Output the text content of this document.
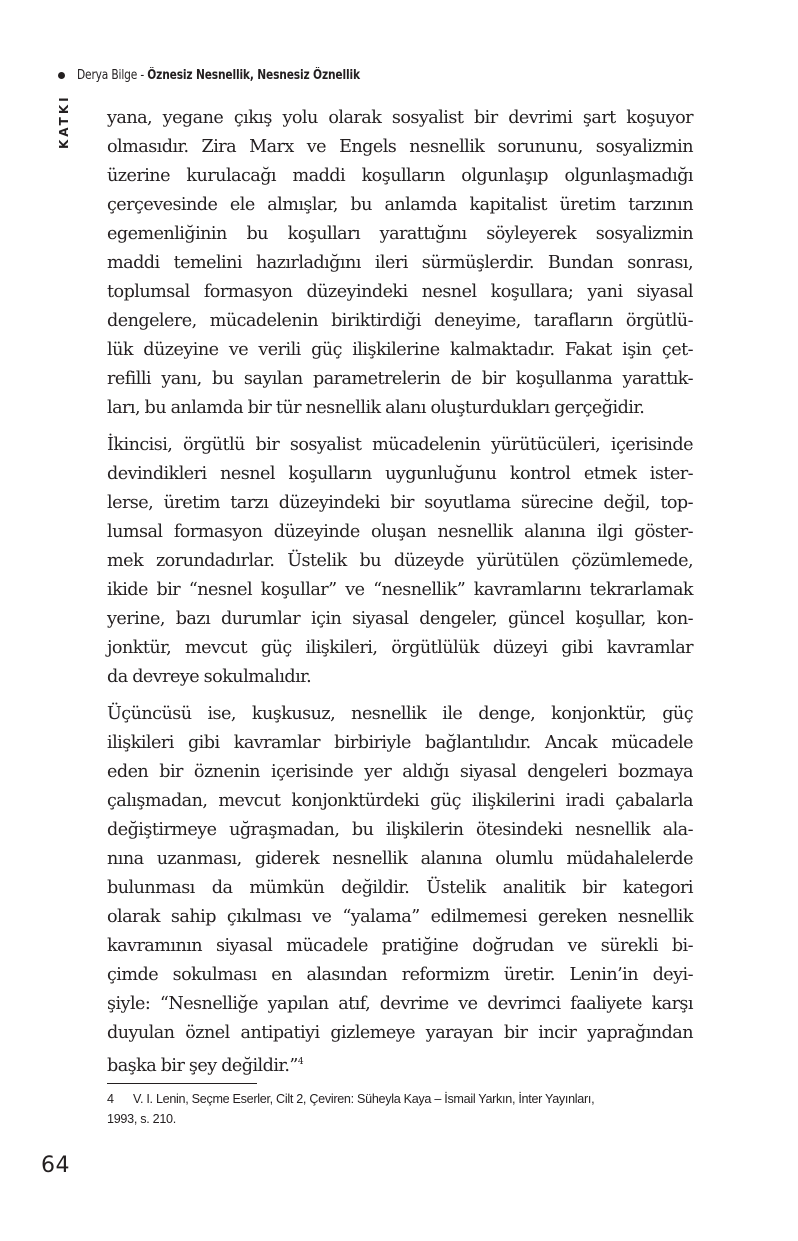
Derya Bilge - Öznesiz Nesnellik, Nesnesiz Öznellik
KATKI yana, yegane çıkış yolu olarak sosyalist bir devrimi şart koşuyor
olmasıdır. Zira Marx ve Engels nesnellik sorununu, sosyalizmin
üzerine kurulacağı maddi koşulların olgunlaşıp olgunlaşmadığı
çerçevesinde ele almışlar, bu anlamda kapitalist üretim tarzının
egemenliğinin bu koşulları yarattığını söyleyerek sosyalizmin
maddi temelini hazırladığını ileri sürmüşlerdir. Bundan sonrası,
toplumsal formasyon düzeyindeki nesnel koşullara; yani siyasal
dengelere, mücadelenin biriktirdiği deneyime, tarafların örgütlü-
lük düzeyine ve verili güç ilişkilerine kalmaktadır. Fakat işin çet-
refilli yanı, bu sayılan parametrelerin de bir koşullanma yarattık-
ları, bu anlamda bir tür nesnellik alanı oluşturdukları gerçeğidir.
İkincisi, örgütlü bir sosyalist mücadelenin yürütücüleri, içerisinde
devindikleri nesnel koşulların uygunluğunu kontrol etmek ister-
lerse, üretim tarzı düzeyindeki bir soyutlama sürecine değil, top-
lumsal formasyon düzeyinde oluşan nesnellik alanına ilgi göster-
mek zorundadırlar. Üstelik bu düzeyde yürütülen çözümlemede,
ikide bir “nesnel koşullar” ve “nesnellik” kavramlarını tekrarlamak
yerine, bazı durumlar için siyasal dengeler, güncel koşullar, kon-
jonktür, mevcut güç ilişkileri, örgütlülük düzeyi gibi kavramlar
da devreye sokulmalıdır.
Üçüncüsü ise, kuşkusuz, nesnellik ile denge, konjonktür, güç
ilişkileri gibi kavramlar birbiriyle bağlantılıdır. Ancak mücadele
eden bir öznenin içerisinde yer aldığı siyasal dengeleri bozmaya
çalışmadan, mevcut konjonktürdeki güç ilişkilerini iradi çabalarla
değiştirmeye uğraşmadan, bu ilişkilerin ötesindeki nesnellik ala-
nına uzanması, giderek nesnellik alanına olumlu müdahalelerde
bulunması da mümkün değildir. Üstelik analitik bir kategori
olarak sahip çıkılması ve “yalama” edilmemesi gereken nesnellik
kavramının siyasal mücadele pratiğine doğrudan ve sürekli bi-
çimde sokulması en alasından reformizm üretir. Lenin’in deyi-
şiyle: “Nesnelliğe yapılan atıf, devrime ve devrimci faaliyete karşı
duyulan öznel antipatiyi gizlemeye yarayan bir incir yaprağından
başka bir şey değildir.”$^4$
4 V. I. Lenin, Seçme Eserler, Cilt 2, Çeviren: Süheyla Kaya – İsmail Yarkın, İnter Yayınları,
1993, s. 210.
64
